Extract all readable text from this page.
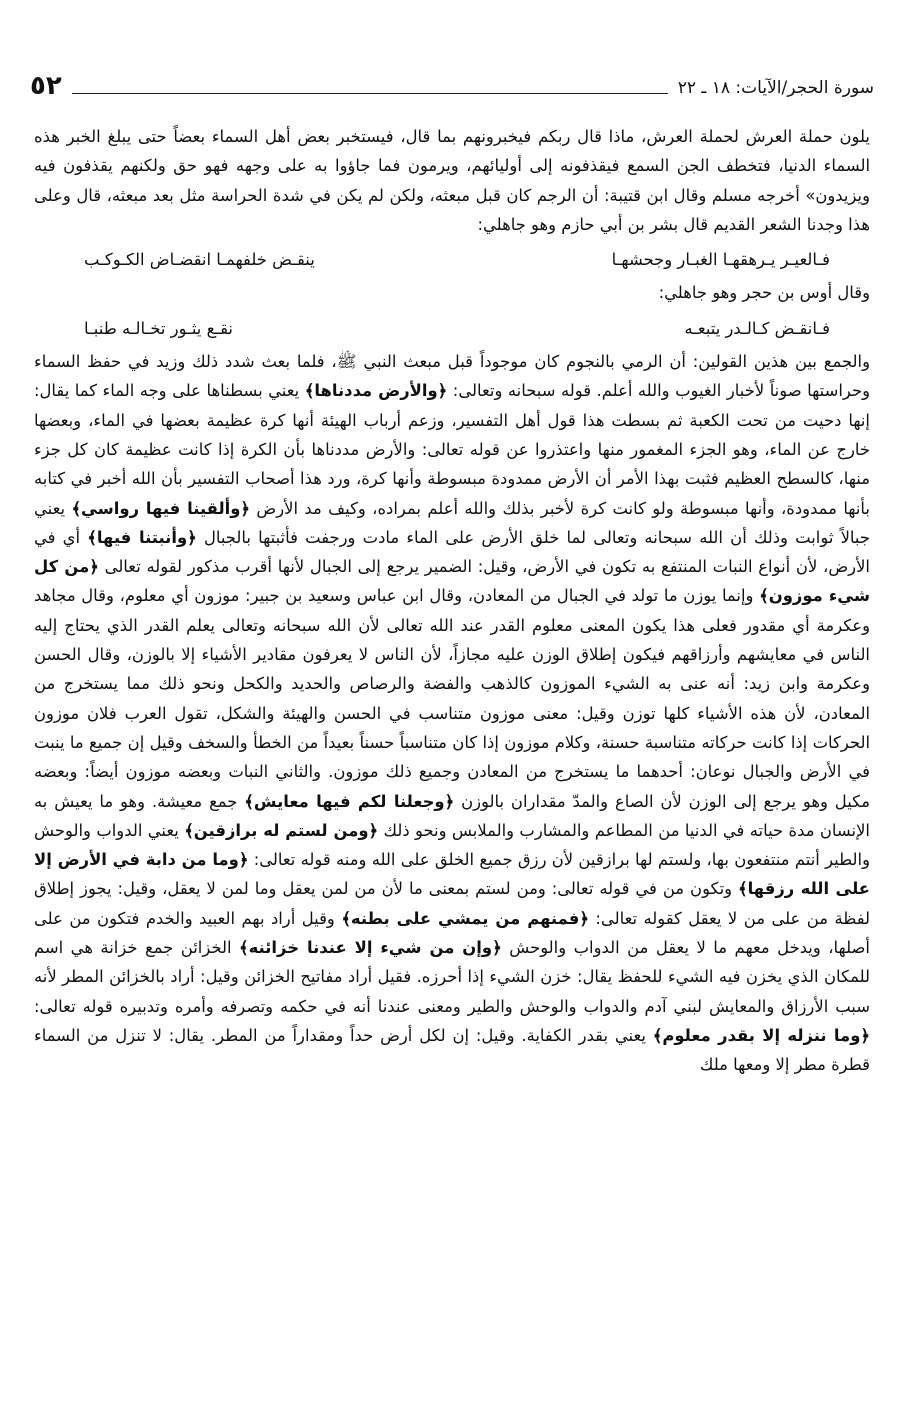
٥٢	سورة الحجر/الآيات: ١٨ ـ ٢٢

يلون حملة العرش لحملة العرش، ماذا قال ربكم فيخبرونهم بما قال، فيستخبر بعض أهل السماء بعضاً حتى يبلغ الخبر هذه السماء الدنيا، فتخطف الجن السمع فيقذفونه إلى أوليائهم، ويرمون فما جاؤوا به على وجهه فهو حق ولكنهم يقذفون فيه ويزيدون» أخرجه مسلم وقال ابن قتيبة: أن الرجم كان قبل مبعثه، ولكن لم يكن في شدة الحراسة مثل بعد مبعثه، قال وعلى هذا وجدنا الشعر القديم قال بشر بن أبي حازم وهو جاهلي:

فـالعيـر يـرهقهـا الغبـار وجحشهـا
ينقـض خلفهمـا انقضـاض الكـوكـب

وقال أوس بن حجر وهو جاهلي:

فـانقـض كـالـدر يتبعـه
نقـع يثـور تخـالـه طنبـا

والجمع بين هذين القولين: أن الرمي بالنجوم كان موجوداً قبل مبعث النبي ﷺ، فلما بعث شدد ذلك وزيد في حفظ السماء وحراستها صوناً لأخبار الغيوب والله أعلم. قوله سبحانه وتعالى: ﴿والأرض مددناها﴾ يعني بسطناها على وجه الماء كما يقال: إنها دحيت من تحت الكعبة ثم بسطت هذا قول أهل التفسير، وزعم أرباب الهيئة أنها كرة عظيمة بعضها في الماء، وبعضها خارج عن الماء، وهو الجزء المغمور منها واعتذروا عن قوله تعالى: والأرض مددناها بأن الكرة إذا كانت عظيمة كان كل جزء منها، كالسطح العظيم فثبت بهذا الأمر أن الأرض ممدودة مبسوطة وأنها كرة، ورد هذا أصحاب التفسير بأن الله أخبر في كتابه بأنها ممدودة، وأنها مبسوطة ولو كانت كرة لأخبر بذلك والله أعلم بمراده، وكيف مد الأرض ﴿وألقينا فيها رواسي﴾ يعني جبالاً ثوابت وذلك أن الله سبحانه وتعالى لما خلق الأرض على الماء مادت ورجفت فأثبتها بالجبال ﴿وأنبتنا فيها﴾ أي في الأرض، لأن أنواع النبات المنتفع به تكون في الأرض، وقيل: الضمير يرجع إلى الجبال لأنها أقرب مذكور لقوله تعالى ﴿من كل شيء موزون﴾ وإنما يوزن ما تولد في الجبال من المعادن، وقال ابن عباس وسعيد بن جبير: موزون أي معلوم، وقال مجاهد وعكرمة أي مقدور فعلى هذا يكون المعنى معلوم القدر عند الله تعالى لأن الله سبحانه وتعالى يعلم القدر الذي يحتاج إليه الناس في معايشهم وأرزاقهم فيكون إطلاق الوزن عليه مجازاً، لأن الناس لا يعرفون مقادير الأشياء إلا بالوزن، وقال الحسن وعكرمة وابن زيد: أنه عنى به الشيء الموزون كالذهب والفضة والرصاص والحديد والكحل ونحو ذلك مما يستخرج من المعادن، لأن هذه الأشياء كلها توزن وقيل: معنى موزون متناسب في الحسن والهيئة والشكل، تقول العرب فلان موزون الحركات إذا كانت حركاته متناسبة حسنة، وكلام موزون إذا كان متناسباً حسناً بعيداً من الخطأ والسخف وقيل إن جميع ما ينبت في الأرض والجبال نوعان: أحدهما ما يستخرج من المعادن وجميع ذلك موزون. والثاني النبات وبعضه موزون أيضاً: وبعضه مكيل وهو يرجع إلى الوزن لأن الصاع والمدّ مقداران بالوزن ﴿وجعلنا لكم فيها معايش﴾ جمع معيشة. وهو ما يعيش به الإنسان مدة حياته في الدنيا من المطاعم والمشارب والملابس ونحو ذلك ﴿ومن لستم له برازقين﴾ يعني الدواب والوحش والطير أنتم منتفعون بها، ولستم لها برازقين لأن رزق جميع الخلق على الله ومنه قوله تعالى: ﴿وما من دابة في الأرض إلا على الله رزقها﴾ وتكون من في قوله تعالى: ومن لستم بمعنى ما لأن من لمن يعقل وما لمن لا يعقل، وقيل: يجوز إطلاق لفظة من على من لا يعقل كقوله تعالى: ﴿فمنهم من يمشي على بطنه﴾ وقيل أراد بهم العبيد والخدم فتكون من على أصلها، ويدخل معهم ما لا يعقل من الدواب والوحش ﴿وإن من شيء إلا عندنا خزائنه﴾ الخزائن جمع خزانة هي اسم للمكان الذي يخزن فيه الشيء للحفظ يقال: خزن الشيء إذا أحرزه. فقيل أراد مفاتيح الخزائن وقيل: أراد بالخزائن المطر لأنه سبب الأرزاق والمعايش لبني آدم والدواب والوحش والطير ومعنى عندنا أنه في حكمه وتصرفه وأمره وتدبيره قوله تعالى: ﴿وما ننزله إلا بقدر معلوم﴾ يعني بقدر الكفاية. وقيل: إن لكل أرض حداً ومقداراً من المطر. يقال: لا تنزل من السماء قطرة مطر إلا ومعها ملك
